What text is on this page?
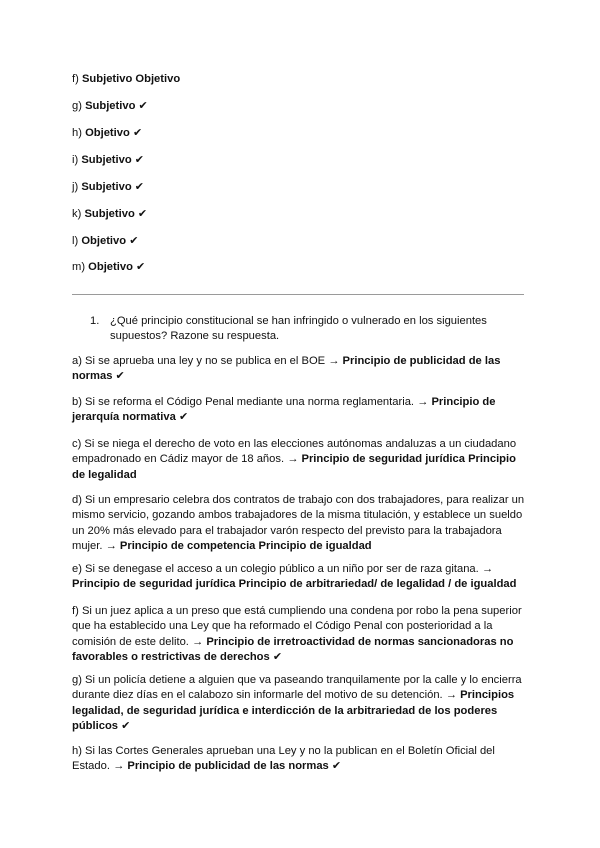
f) Subjetivo Objetivo

g) Subjetivo ✔

h) Objetivo ✔

i) Subjetivo ✔

j) Subjetivo ✔

k) Subjetivo ✔

l) Objetivo ✔

m) Objetivo ✔

1. ¿Qué principio constitucional se han infringido o vulnerado en los siguientes supuestos? Razone su respuesta.

a) Si se aprueba una ley y no se publica en el BOE → Principio de publicidad de las normas ✔

b) Si se reforma el Código Penal mediante una norma reglamentaria. → Principio de jerarquía normativa ✔

c) Si se niega el derecho de voto en las elecciones autónomas andaluzas a un ciudadano empadronado en Cádiz mayor de 18 años. → Principio de seguridad jurídica Principio de legalidad

d) Si un empresario celebra dos contratos de trabajo con dos trabajadores, para realizar un mismo servicio, gozando ambos trabajadores de la misma titulación, y establece un sueldo un 20% más elevado para el trabajador varón respecto del previsto para la trabajadora mujer. → Principio de competencia Principio de igualdad

e) Si se denegase el acceso a un colegio público a un niño por ser de raza gitana. → Principio de seguridad jurídica Principio de arbitrariedad/ de legalidad / de igualdad

f) Si un juez aplica a un preso que está cumpliendo una condena por robo la pena superior que ha establecido una Ley que ha reformado el Código Penal con posterioridad a la comisión de este delito. → Principio de irretroactividad de normas sancionadoras no favorables o restrictivas de derechos ✔

g) Si un policía detiene a alguien que va paseando tranquilamente por la calle y lo encierra durante diez días en el calabozo sin informarle del motivo de su detención. → Principios legalidad, de seguridad jurídica e interdicción de la arbitrariedad de los poderes públicos ✔

h) Si las Cortes Generales aprueban una Ley y no la publican en el Boletín Oficial del Estado. → Principio de publicidad de las normas ✔
